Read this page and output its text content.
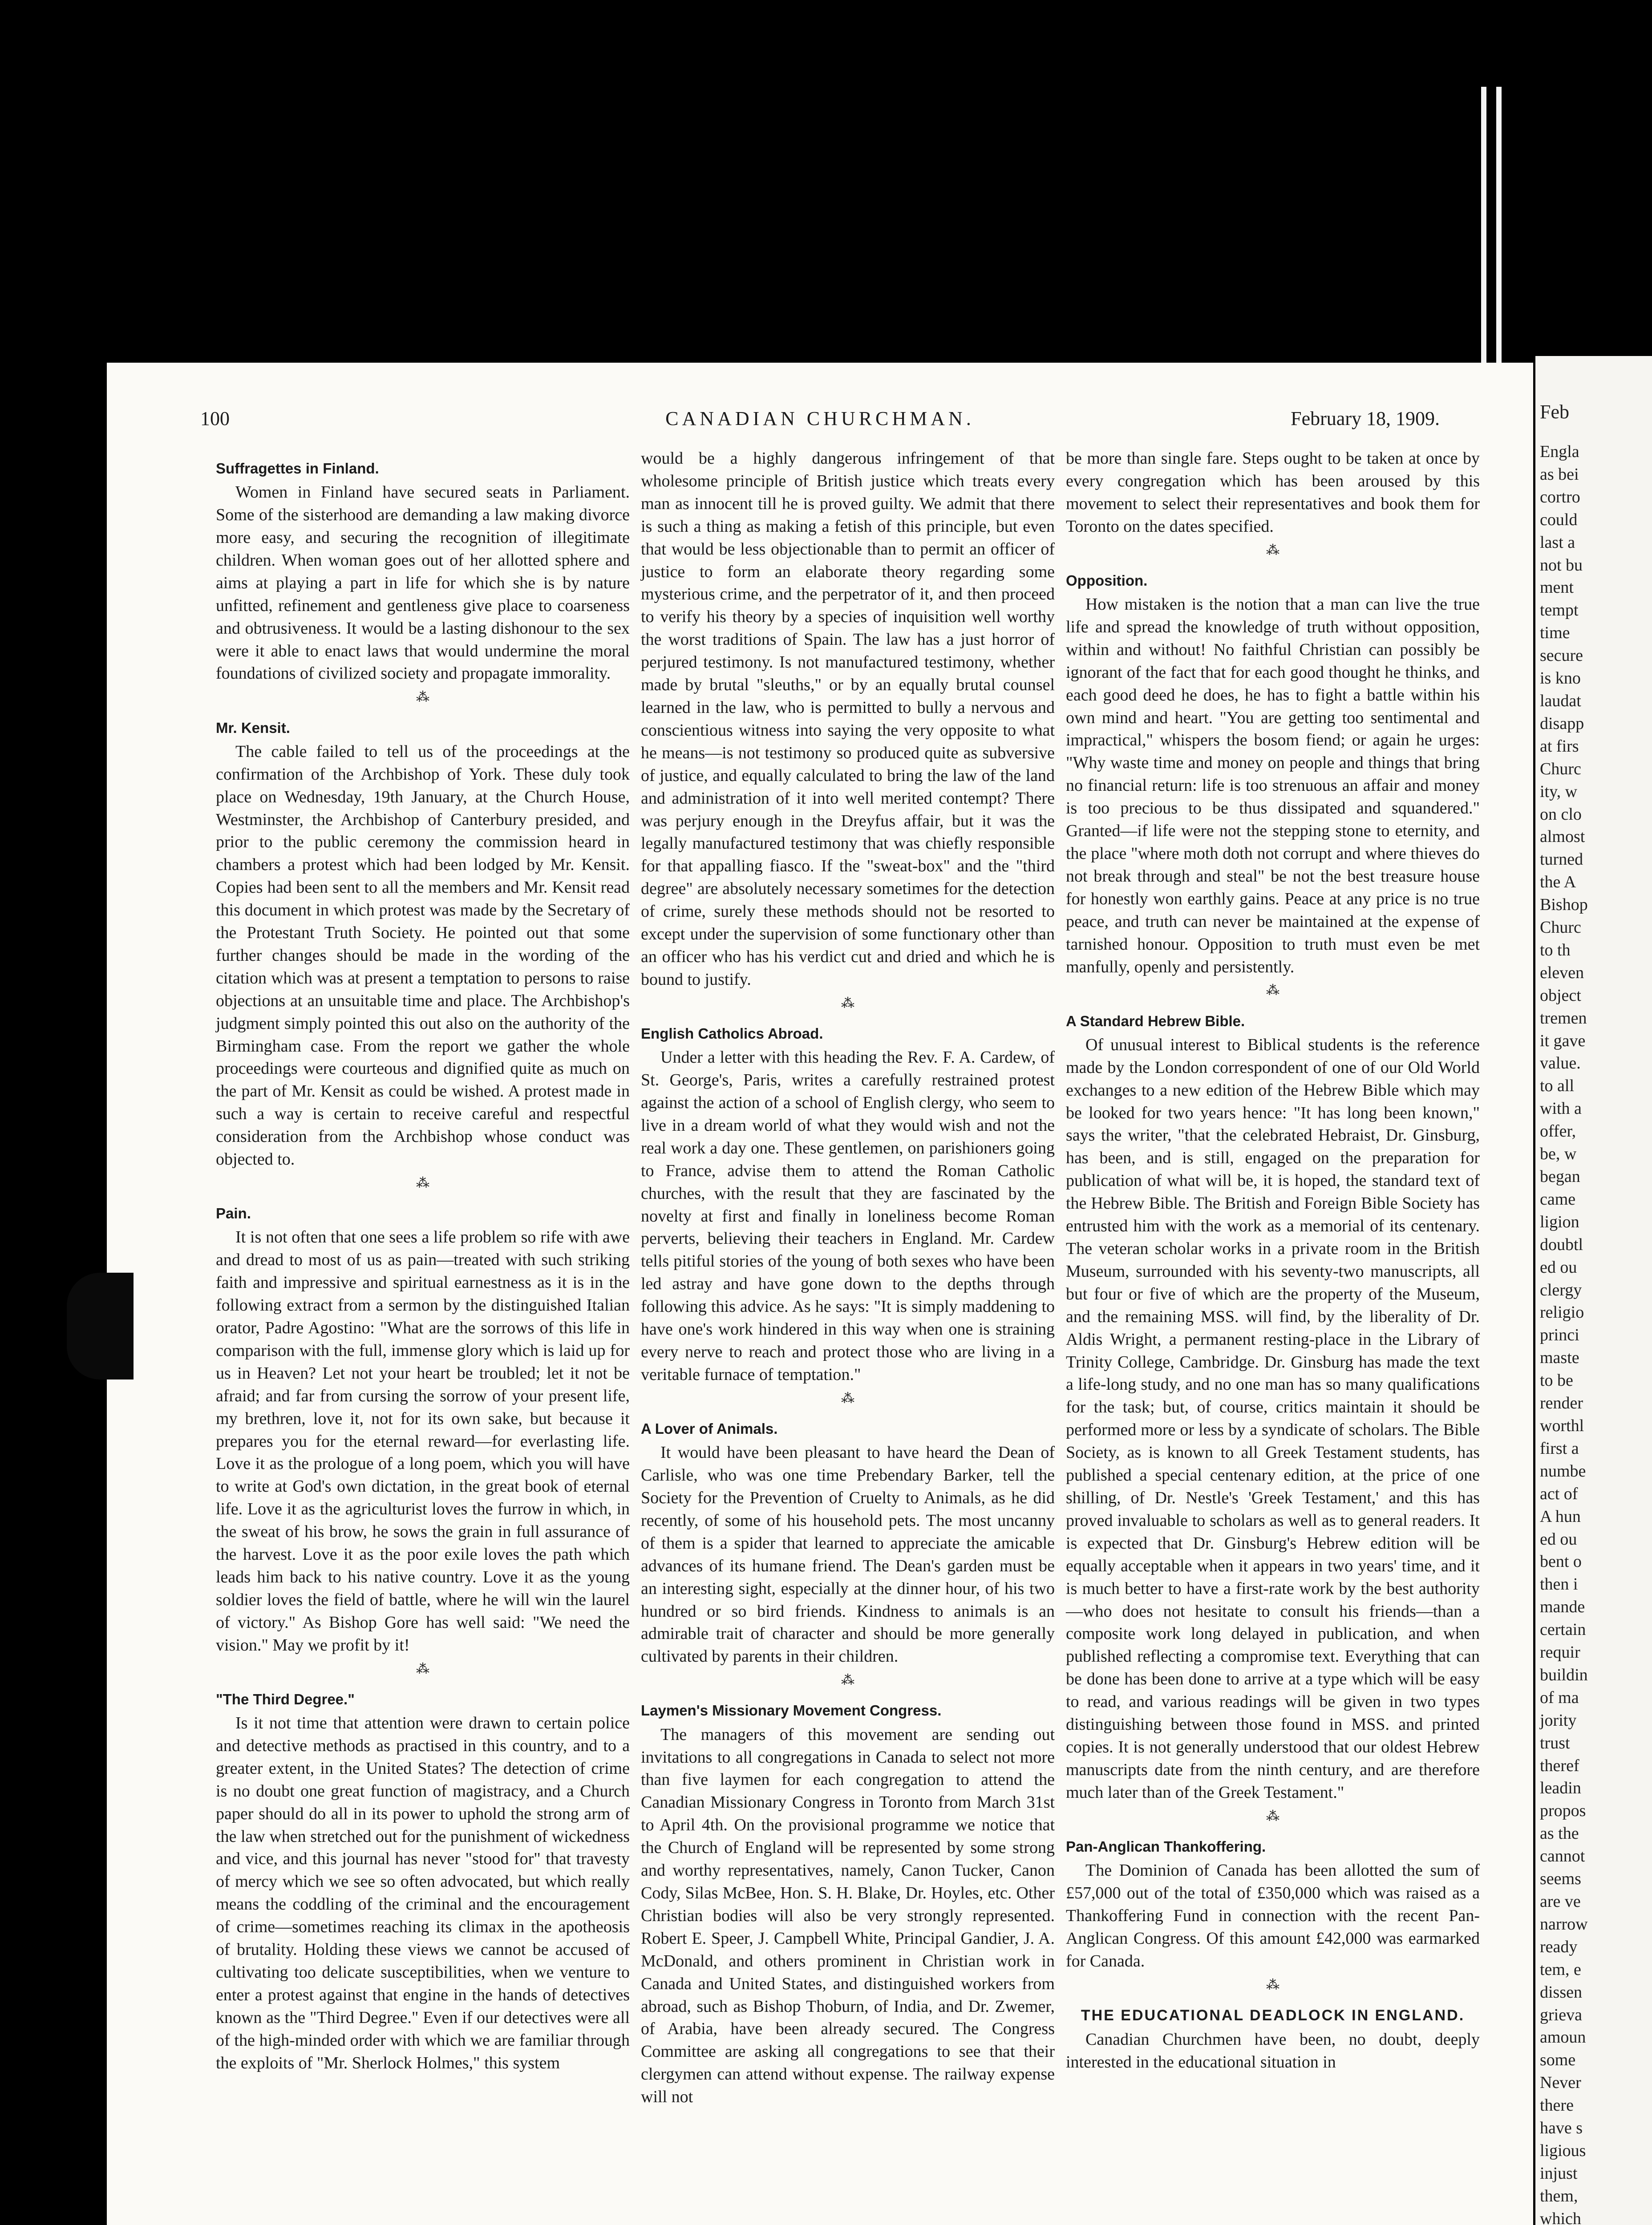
100	CANADIAN CHURCHMAN.	February 18, 1909.
Suffragettes in Finland.

Women in Finland have secured seats in Parliament. Some of the sisterhood are demanding a law making divorce more easy, and securing the recognition of illegitimate children. When woman goes out of her allotted sphere and aims at playing a part in life for which she is by nature unfitted, refinement and gentleness give place to coarseness and obtrusiveness. It would be a lasting dishonour to the sex were it able to enact laws that would undermine the moral foundations of civilized society and propagate immorality.

⁂
Mr. Kensit.

The cable failed to tell us of the proceedings at the confirmation of the Archbishop of York. These duly took place on Wednesday, 19th January, at the Church House, Westminster, the Archbishop of Canterbury presided, and prior to the public ceremony the commission heard in chambers a protest which had been lodged by Mr. Kensit. Copies had been sent to all the members and Mr. Kensit read this document in which protest was made by the Secretary of the Protestant Truth Society. He pointed out that some further changes should be made in the wording of the citation which was at present a temptation to persons to raise objections at an unsuitable time and place. The Archbishop's judgment simply pointed this out also on the authority of the Birmingham case. From the report we gather the whole proceedings were courteous and dignified quite as much on the part of Mr. Kensit as could be wished. A protest made in such a way is certain to receive careful and respectful consideration from the Archbishop whose conduct was objected to.

⁂
Pain.

It is not often that one sees a life problem so rife with awe and dread to most of us as pain—treated with such striking faith and impressive and spiritual earnestness as it is in the following extract from a sermon by the distinguished Italian orator, Padre Agostino: "What are the sorrows of this life in comparison with the full, immense glory which is laid up for us in Heaven? Let not your heart be troubled; let it not be afraid; and far from cursing the sorrow of your present life, my brethren, love it, not for its own sake, but because it prepares you for the eternal reward—for everlasting life. Love it as the prologue of a long poem, which you will have to write at God's own dictation, in the great book of eternal life. Love it as the agriculturist loves the furrow in which, in the sweat of his brow, he sows the grain in full assurance of the harvest. Love it as the poor exile loves the path which leads him back to his native country. Love it as the young soldier loves the field of battle, where he will win the laurel of victory." As Bishop Gore has well said: "We need the vision." May we profit by it!

⁂
"The Third Degree."

Is it not time that attention were drawn to certain police and detective methods as practised in this country, and to a greater extent, in the United States? The detection of crime is no doubt one great function of magistracy, and a Church paper should do all in its power to uphold the strong arm of the law when stretched out for the punishment of wickedness and vice, and this journal has never "stood for" that travesty of mercy which we see so often advocated, but which really means the coddling of the criminal and the encouragement of crime—sometimes reaching its climax in the apotheosis of brutality. Holding these views we cannot be accused of cultivating too delicate susceptibilities, when we venture to enter a protest against that engine in the hands of detectives known as the "Third Degree." Even if our detectives were all of the high-minded order with which we are familiar through the exploits of "Mr. Sherlock Holmes," this system

would be a highly dangerous infringement of that wholesome principle of British justice which treats every man as innocent till he is proved guilty. We admit that there is such a thing as making a fetish of this principle, but even that would be less objectionable than to permit an officer of justice to form an elaborate theory regarding some mysterious crime, and the perpetrator of it, and then proceed to verify his theory by a species of inquisition well worthy the worst traditions of Spain. The law has a just horror of perjured testimony. Is not manufactured testimony, whether made by brutal "sleuths," or by an equally brutal counsel learned in the law, who is permitted to bully a nervous and conscientious witness into saying the very opposite to what he means—is not testimony so produced quite as subversive of justice, and equally calculated to bring the law of the land and administration of it into well merited contempt? There was perjury enough in the Dreyfus affair, but it was the legally manufactured testimony that was chiefly responsible for that appalling fiasco. If the "sweat-box" and the "third degree" are absolutely necessary sometimes for the detection of crime, surely these methods should not be resorted to except under the supervision of some functionary other than an officer who has his verdict cut and dried and which he is bound to justify.

⁂
English Catholics Abroad.

Under a letter with this heading the Rev. F. A. Cardew, of St. George's, Paris, writes a carefully restrained protest against the action of a school of English clergy, who seem to live in a dream world of what they would wish and not the real work a day one. These gentlemen, on parishioners going to France, advise them to attend the Roman Catholic churches, with the result that they are fascinated by the novelty at first and finally in loneliness become Roman perverts, believing their teachers in England. Mr. Cardew tells pitiful stories of the young of both sexes who have been led astray and have gone down to the depths through following this advice. As he says: "It is simply maddening to have one's work hindered in this way when one is straining every nerve to reach and protect those who are living in a veritable furnace of temptation."

⁂
A Lover of Animals.

It would have been pleasant to have heard the Dean of Carlisle, who was one time Prebendary Barker, tell the Society for the Prevention of Cruelty to Animals, as he did recently, of some of his household pets. The most uncanny of them is a spider that learned to appreciate the amicable advances of its humane friend. The Dean's garden must be an interesting sight, especially at the dinner hour, of his two hundred or so bird friends. Kindness to animals is an admirable trait of character and should be more generally cultivated by parents in their children.

⁂
Laymen's Missionary Movement Congress.

The managers of this movement are sending out invitations to all congregations in Canada to select not more than five laymen for each congregation to attend the Canadian Missionary Congress in Toronto from March 31st to April 4th. On the provisional programme we notice that the Church of England will be represented by some strong and worthy representatives, namely, Canon Tucker, Canon Cody, Silas McBee, Hon. S. H. Blake, Dr. Hoyles, etc. Other Christian bodies will also be very strongly represented. Robert E. Speer, J. Campbell White, Principal Gandier, J. A. McDonald, and others prominent in Christian work in Canada and United States, and distinguished workers from abroad, such as Bishop Thoburn, of India, and Dr. Zwemer, of Arabia, have been already secured. The Congress Committee are asking all congregations to see that their clergymen can attend without expense. The railway expense will not

be more than single fare. Steps ought to be taken at once by every congregation which has been aroused by this movement to select their representatives and book them for Toronto on the dates specified.

⁂
Opposition.

How mistaken is the notion that a man can live the true life and spread the knowledge of truth without opposition, within and without! No faithful Christian can possibly be ignorant of the fact that for each good thought he thinks, and each good deed he does, he has to fight a battle within his own mind and heart. "You are getting too sentimental and impractical," whispers the bosom fiend; or again he urges: "Why waste time and money on people and things that bring no financial return: life is too strenuous an affair and money is too precious to be thus dissipated and squandered." Granted—if life were not the stepping stone to eternity, and the place "where moth doth not corrupt and where thieves do not break through and steal" be not the best treasure house for honestly won earthly gains. Peace at any price is no true peace, and truth can never be maintained at the expense of tarnished honour. Opposition to truth must even be met manfully, openly and persistently.

⁂
A Standard Hebrew Bible.

Of unusual interest to Biblical students is the reference made by the London correspondent of one of our Old World exchanges to a new edition of the Hebrew Bible which may be looked for two years hence: "It has long been known," says the writer, "that the celebrated Hebraist, Dr. Ginsburg, has been, and is still, engaged on the preparation for publication of what will be, it is hoped, the standard text of the Hebrew Bible. The British and Foreign Bible Society has entrusted him with the work as a memorial of its centenary. The veteran scholar works in a private room in the British Museum, surrounded with his seventy-two manuscripts, all but four or five of which are the property of the Museum, and the remaining MSS. will find, by the liberality of Dr. Aldis Wright, a permanent resting-place in the Library of Trinity College, Cambridge. Dr. Ginsburg has made the text a life-long study, and no one man has so many qualifications for the task; but, of course, critics maintain it should be performed more or less by a syndicate of scholars. The Bible Society, as is known to all Greek Testament students, has published a special centenary edition, at the price of one shilling, of Dr. Nestle's 'Greek Testament,' and this has proved invaluable to scholars as well as to general readers. It is expected that Dr. Ginsburg's Hebrew edition will be equally acceptable when it appears in two years' time, and it is much better to have a first-rate work by the best authority—who does not hesitate to consult his friends—than a composite work long delayed in publication, and when published reflecting a compromise text. Everything that can be done has been done to arrive at a type which will be easy to read, and various readings will be given in two types distinguishing between those found in MSS. and printed copies. It is not generally understood that our oldest Hebrew manuscripts date from the ninth century, and are therefore much later than of the Greek Testament."

⁂
Pan-Anglican Thankoffering.

The Dominion of Canada has been allotted the sum of £57,000 out of the total of £350,000 which was raised as a Thankoffering Fund in connection with the recent Pan-Anglican Congress. Of this amount £42,000 was earmarked for Canada.

⁂
THE EDUCATIONAL DEADLOCK IN ENGLAND.

Canadian Churchmen have been, no doubt, deeply interested in the educational situation in

Feb
Engla
as bei
cortro
could
last a
not bu
ment
tempt
time
secure
is kno
laudat
disapp
at firs
Churc
ity, w
on clo
almost
turned
the A
Bishop
Churc
to th
eleven
object
tremen
it gave
value.
to all
with a
offer,
be, w
began
came
ligion
doubtl
ed ou
clergy
religio
princi
maste
to be
render
worthl
first a
numbe
act of
A hun
ed ou
bent o
then i
mande
certain
requir
buildin
of ma
jority
trust
theref
leadin
propos
as the
cannot
seems
are ve
narrow
ready
tem, e
dissen
grieva
amoun
some
Never
there
have s
ligious
injust
them,
which
